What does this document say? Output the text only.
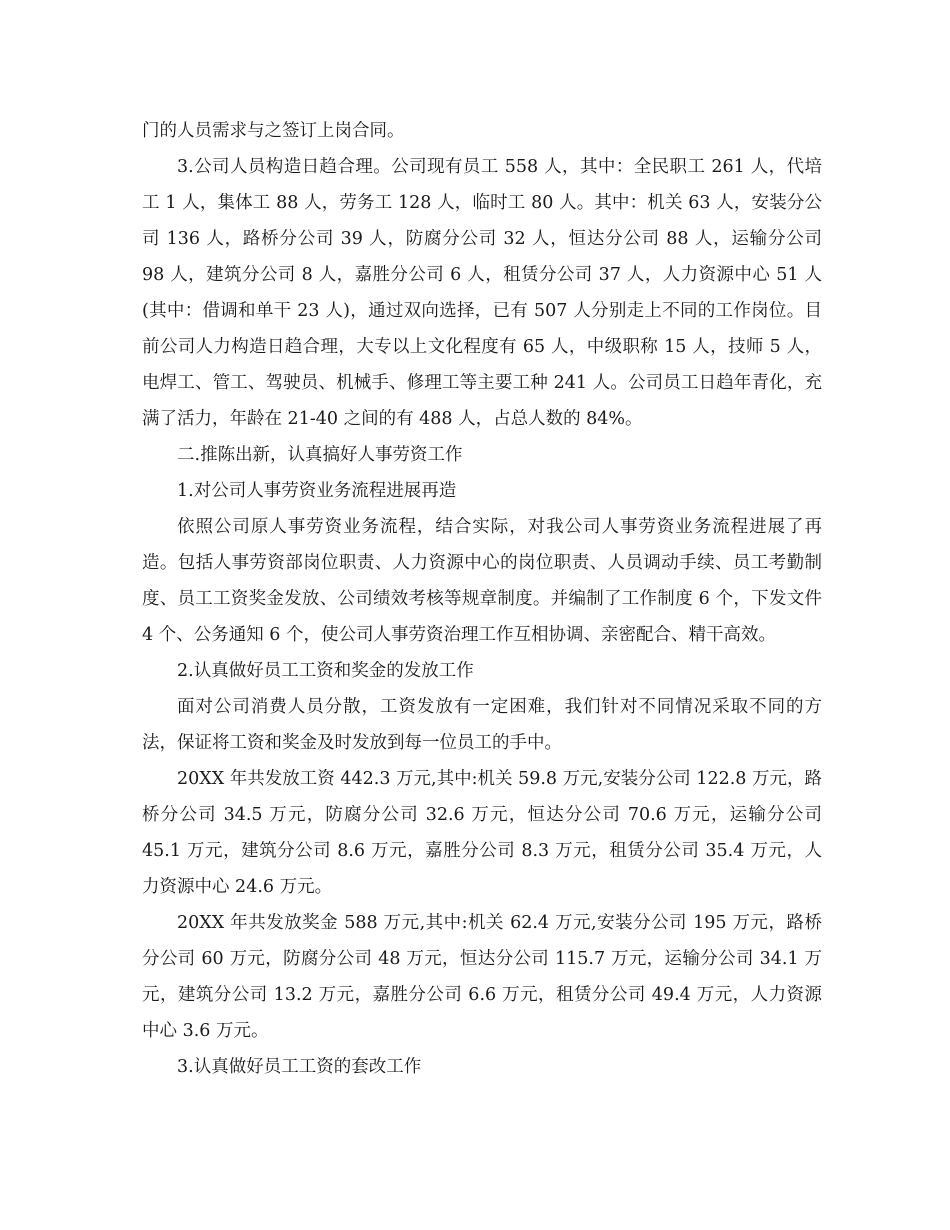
门的人员需求与之签订上岗合同。

3.公司人员构造日趋合理。公司现有员工 558 人，其中：全民职工 261 人，代培工 1 人，集体工 88 人，劳务工 128 人，临时工 80 人。其中：机关 63 人，安装分公司 136 人，路桥分公司 39 人，防腐分公司 32 人，恒达分公司 88 人，运输分公司 98 人，建筑分公司 8 人，嘉胜分公司 6 人，租赁分公司 37 人，人力资源中心 51 人(其中：借调和单干 23 人)，通过双向选择，已有 507 人分别走上不同的工作岗位。目前公司人力构造日趋合理，大专以上文化程度有 65 人，中级职称 15 人，技师 5 人，电焊工、管工、驾驶员、机械手、修理工等主要工种 241 人。公司员工日趋年青化，充满了活力，年龄在 21-40 之间的有 488 人，占总人数的 84%。

二.推陈出新，认真搞好人事劳资工作

1.对公司人事劳资业务流程进展再造

依照公司原人事劳资业务流程，结合实际，对我公司人事劳资业务流程进展了再造。包括人事劳资部岗位职责、人力资源中心的岗位职责、人员调动手续、员工考勤制度、员工工资奖金发放、公司绩效考核等规章制度。并编制了工作制度 6 个，下发文件 4 个、公务通知 6 个，使公司人事劳资治理工作互相协调、亲密配合、精干高效。

2.认真做好员工工资和奖金的发放工作

面对公司消费人员分散，工资发放有一定困难，我们针对不同情况采取不同的方法，保证将工资和奖金及时发放到每一位员工的手中。

20XX 年共发放工资 442.3 万元,其中:机关 59.8 万元,安装分公司 122.8 万元，路桥分公司 34.5 万元，防腐分公司 32.6 万元，恒达分公司 70.6 万元，运输分公司 45.1 万元，建筑分公司 8.6 万元，嘉胜分公司 8.3 万元，租赁分公司 35.4 万元，人力资源中心 24.6 万元。

20XX 年共发放奖金 588 万元,其中:机关 62.4 万元,安装分公司 195 万元，路桥分公司 60 万元，防腐分公司 48 万元，恒达分公司 115.7 万元，运输分公司 34.1 万元，建筑分公司 13.2 万元，嘉胜分公司 6.6 万元，租赁分公司 49.4 万元，人力资源中心 3.6 万元。

3.认真做好员工工资的套改工作
